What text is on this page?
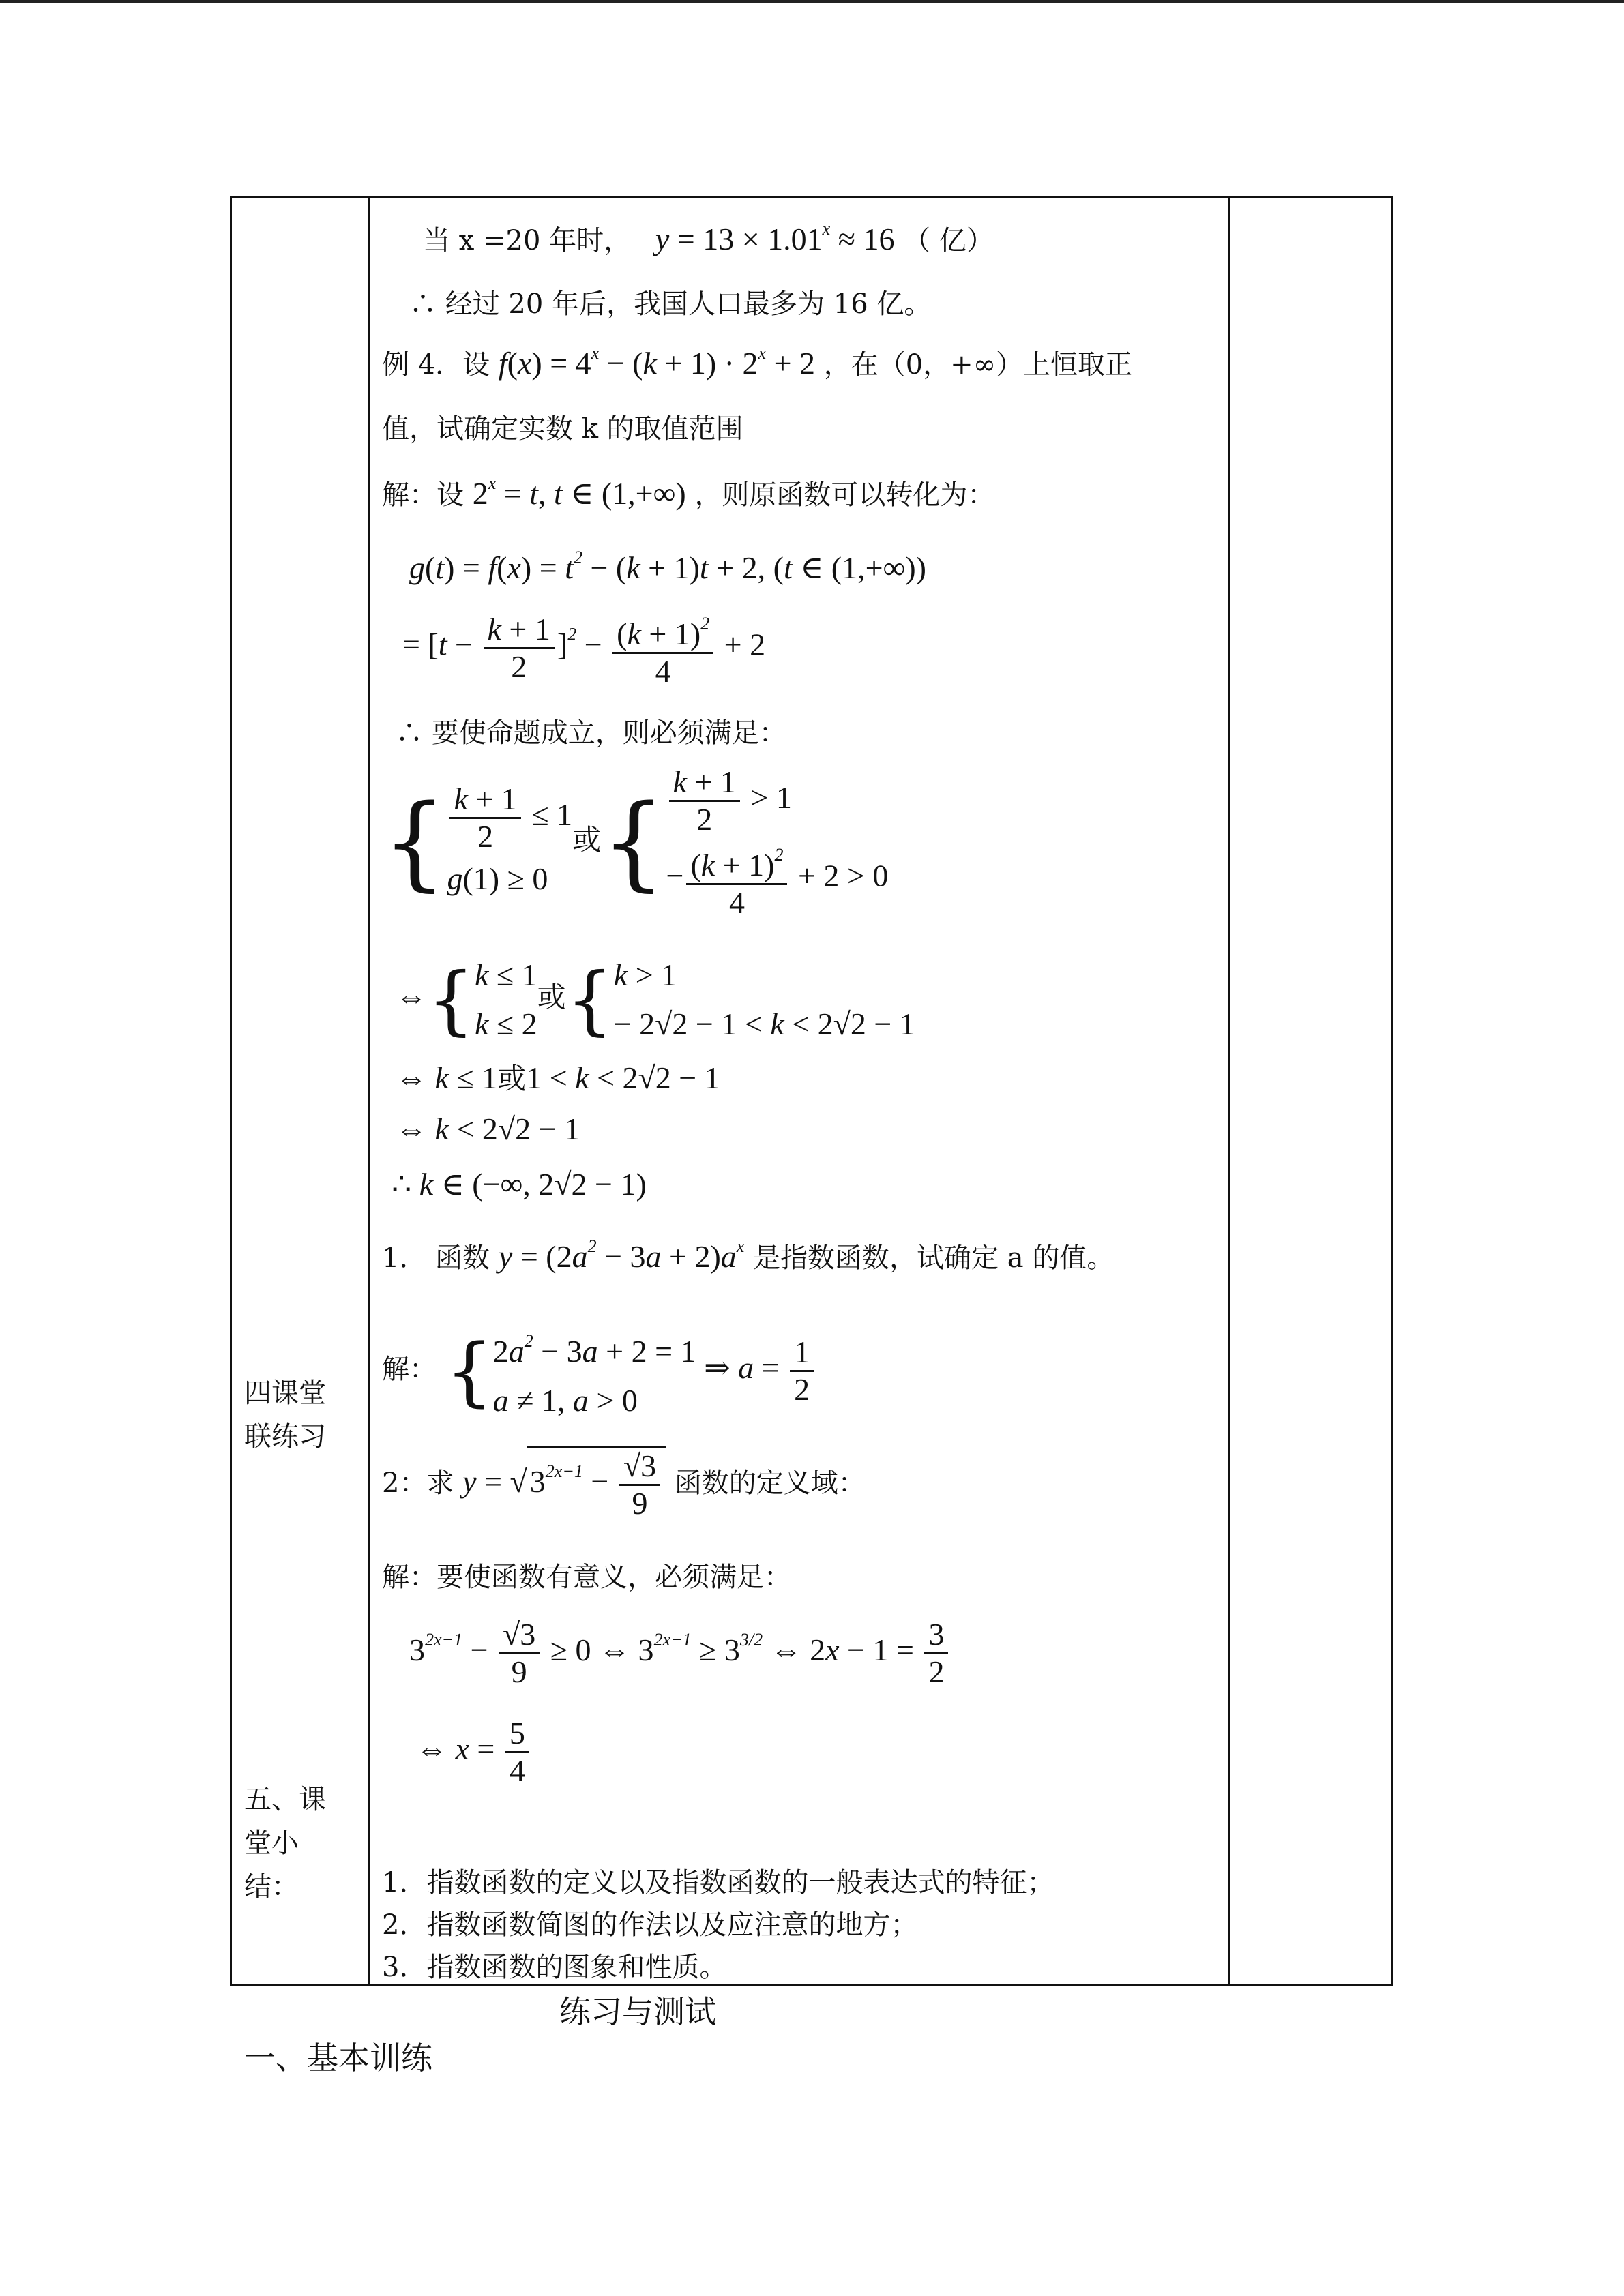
四课堂
联练习
五、课
堂小
结：
当 x =20 年时，   $y = 13 \times 1.01^x \approx 16$ （ 亿）
∴ 经过 20 年后，我国人口最多为 16 亿。
例 4．设 $f(x) = 4^x - (k + 1) \cdot 2^x + 2$ ，在（0，+∞）上恒取正
值，试确定实数 k 的取值范围
解：设 $2^x = t$, t ∈ (1,+∞) ，则原函数可以转化为：
$g(t) = f(x) = t^2 - (k + 1)t + 2$, (t ∈ (1,+∞))
= $[t - \frac{k + 1}{2} ]^2 - \frac{(k + 1)^2}{4} + 2$
∴ 要使命题成立，则必须满足：
{ $\frac{k + 1}{2} \le 1$
g(1) ≥ 0
或{ $\frac{k + 1}{2} > 1$
− $\frac{(k + 1)^2}{4} + 2 > 0$
⇔{ k ≤ 1
k ≤ 2
或{ k > 1
− 2√2 − 1 < k < 2√2 − 1
⇔ k ≤ 1或1 < k < 2√2 − 1
⇔ k < 2√2 − 1
∴ k ∈ (−∞, 2√2 − 1)
1． 函数 $y = (2a^2 - 3a + 2)a^x$ 是指数函数，试确定 a 的值。
解： { $2a^2 - 3a + 2 = 1$
a ≠ 1, a > 0
⇒ $a = \frac{1}{2}$
2：求 $y = √3^{2x-1} - \frac{√3}{9}$ 函数的定义域：
解：要使函数有意义，必须满足：
$3^{2x-1} - \frac{√3}{9} \ge 0$ ⇔ $3^{2x-1} \ge 3^{3/2}$ ⇔ $2x - 1 = \frac{3}{2}$
⇔ $x = \frac{5}{4}$
1．指数函数的定义以及指数函数的一般表达式的特征；
2．指数函数简图的作法以及应注意的地方；
3．指数函数的图象和性质。
练习与测试
一、基本训练
